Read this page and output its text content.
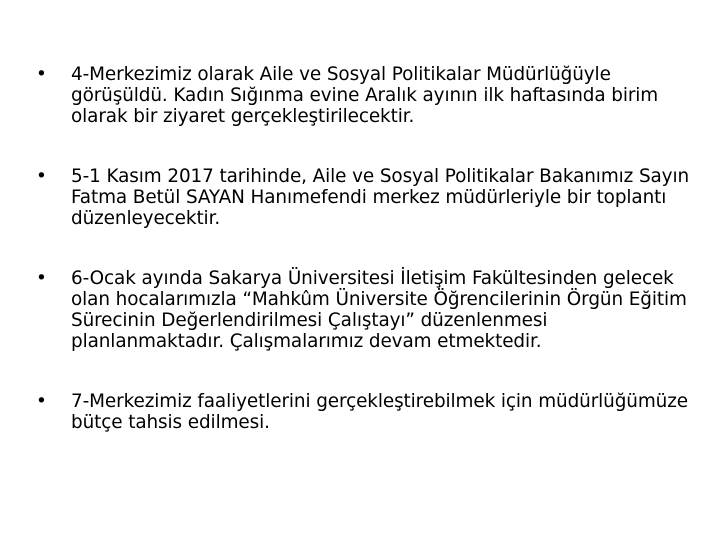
•	4-Merkezimiz olarak Aile ve Sosyal Politikalar Müdürlüğüyle görüşüldü. Kadın Sığınma evine Aralık ayının ilk haftasında birim olarak bir ziyaret gerçekleştirilecektir.
•	5-1 Kasım 2017 tarihinde, Aile ve Sosyal Politikalar Bakanımız Sayın Fatma Betül SAYAN Hanımefendi merkez müdürleriyle bir toplantı düzenleyecektir.
•	6-Ocak ayında Sakarya Üniversitesi İletişim Fakültesinden gelecek olan hocalarımızla “Mahkûm Üniversite Öğrencilerinin Örgün Eğitim Sürecinin Değerlendirilmesi Çalıştayı” düzenlenmesi planlanmaktadır. Çalışmalarımız devam etmektedir.
•	7-Merkezimiz faaliyetlerini gerçekleştirebilmek için müdürlüğümüze bütçe tahsis edilmesi.
